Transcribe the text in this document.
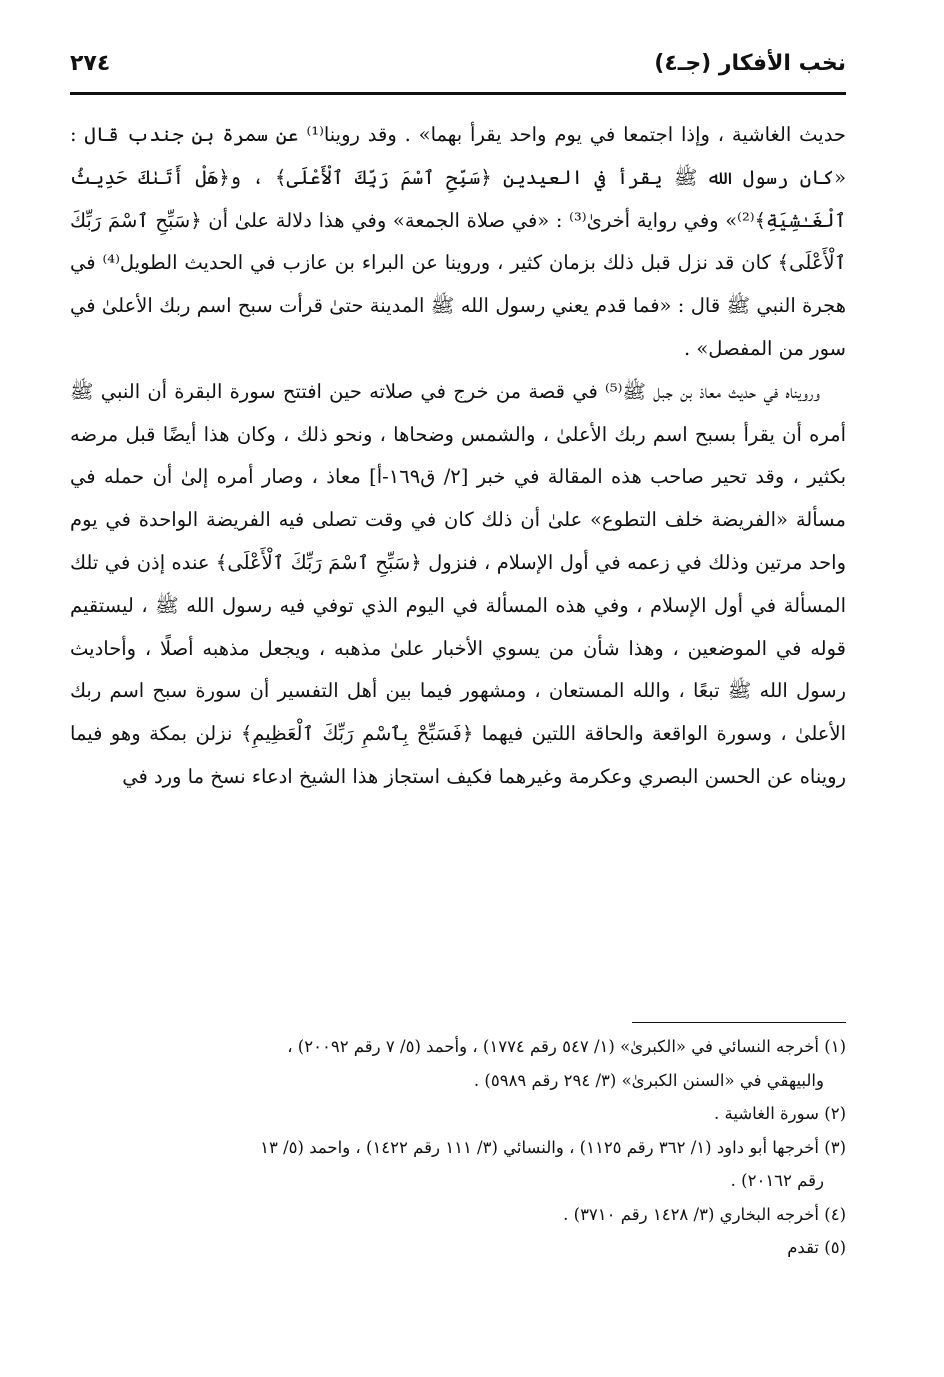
٢٧٤	نخب الأفكار (جـ٤)

حديث الغاشية ، وإذا اجتمعا في يوم واحد يقرأ بهما» . وقد روينا⁽¹⁾ عن سمرة بن جندب قال : «كان رسول الله ﷺ يقرأ في العيدين ﴿سَبِّحِ ٱسْمَ رَبِّكَ ٱلْأَعْلَى﴾ ، و﴿هَلْ أَتَىٰكَ حَدِيثُ ٱلْغَـٰشِيَةِ﴾⁽²⁾» وفي رواية أخرىٰ⁽³⁾ : «في صلاة الجمعة» وفي هذا دلالة علىٰ أن ﴿سَبِّحِ ٱسْمَ رَبِّكَ ٱلْأَعْلَى﴾ كان قد نزل قبل ذلك بزمان كثير ، وروينا عن البراء بن عازب في الحديث الطويل⁽⁴⁾ في هجرة النبي ﷺ قال : «فما قدم يعني رسول الله ﷺ المدينة حتىٰ قرأت سبح اسم ربك الأعلىٰ في سور من المفصل» .

ورويناه في حديث معاذ بن جبل ﷺ⁽⁵⁾ في قصة من خرج في صلاته حين افتتح سورة البقرة أن النبي ﷺ أمره أن يقرأ بسبح اسم ربك الأعلىٰ ، والشمس وضحاها ، ونحو ذلك ، وكان هذا أيضًا قبل مرضه بكثير ، وقد تحير صاحب هذه المقالة في خبر [٢/ ق١٦٩-أ] معاذ ، وصار أمره إلىٰ أن حمله في مسألة «الفريضة خلف التطوع» علىٰ أن ذلك كان في وقت تصلى فيه الفريضة الواحدة في يوم واحد مرتين وذلك في زعمه في أول الإسلام ، فنزول ﴿سَبِّحِ ٱسْمَ رَبِّكَ ٱلْأَعْلَى﴾ عنده إذن في تلك المسألة في أول الإسلام ، وفي هذه المسألة في اليوم الذي توفي فيه رسول الله ﷺ ، ليستقيم قوله في الموضعين ، وهذا شأن من يسوي الأخبار علىٰ مذهبه ، ويجعل مذهبه أصلًا ، وأحاديث رسول الله ﷺ تبعًا ، والله المستعان ، ومشهور فيما بين أهل التفسير أن سورة سبح اسم ربك الأعلىٰ ، وسورة الواقعة والحاقة اللتين فيهما ﴿فَسَبِّحْ بِٱسْمِ رَبِّكَ ٱلْعَظِيمِ﴾ نزلن بمكة وهو فيما رويناه عن الحسن البصري وعكرمة وغيرهما فكيف استجاز هذا الشيخ ادعاء نسخ ما ورد في

(١) أخرجه النسائي في «الكبرىٰ» (١/ ٥٤٧ رقم ١٧٧٤) ، وأحمد (٥/ ٧ رقم ٢٠٠٩٢) ،

والبيهقي في «السنن الكبرىٰ» (٣/ ٢٩٤ رقم ٥٩٨٩) .

(٢) سورة الغاشية .

(٣) أخرجها أبو داود (١/ ٣٦٢ رقم ١١٢٥) ، والنسائي (٣/ ١١١ رقم ١٤٢٢) ، واحمد (٥/ ١٣

رقم ٢٠١٦٢) .

(٤) أخرجه البخاري (٣/ ١٤٢٨ رقم ٣٧١٠) .

(٥) تقدم
